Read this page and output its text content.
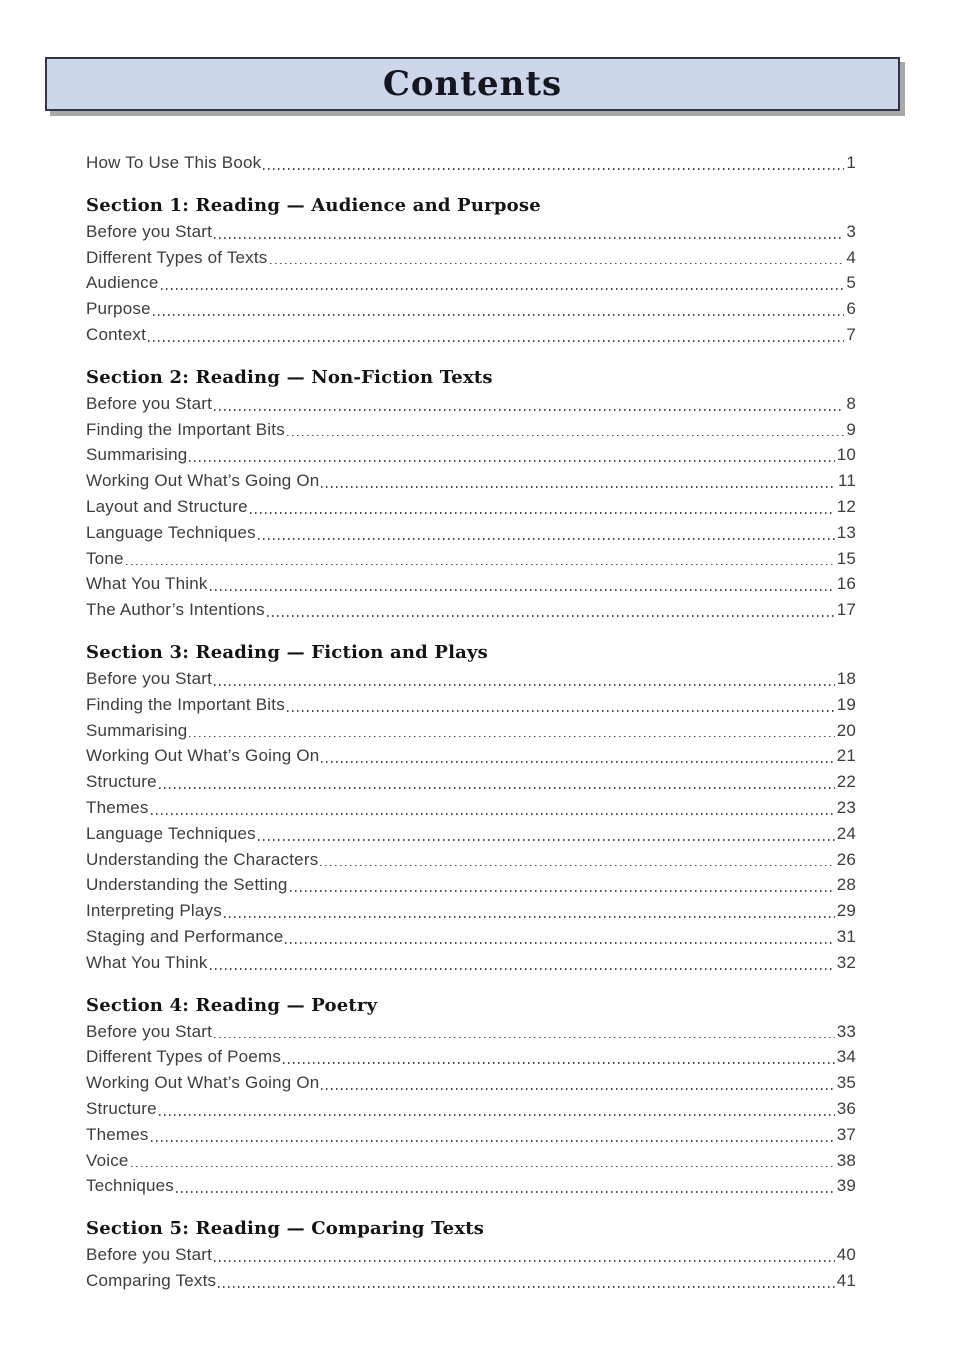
Contents
How To Use This Book	1
Section 1: Reading — Audience and Purpose
Before you Start	3
Different Types of Texts	4
Audience	5
Purpose	6
Context	7
Section 2: Reading — Non-Fiction Texts
Before you Start	8
Finding the Important Bits	9
Summarising	10
Working Out What’s Going On	11
Layout and Structure	12
Language Techniques	13
Tone	15
What You Think	16
The Author’s Intentions	17
Section 3: Reading — Fiction and Plays
Before you Start	18
Finding the Important Bits	19
Summarising	20
Working Out What’s Going On	21
Structure	22
Themes	23
Language Techniques	24
Understanding the Characters	26
Understanding the Setting	28
Interpreting Plays	29
Staging and Performance	31
What You Think	32
Section 4: Reading — Poetry
Before you Start	33
Different Types of Poems	34
Working Out What’s Going On	35
Structure	36
Themes	37
Voice	38
Techniques	39
Section 5: Reading — Comparing Texts
Before you Start	40
Comparing Texts	41
